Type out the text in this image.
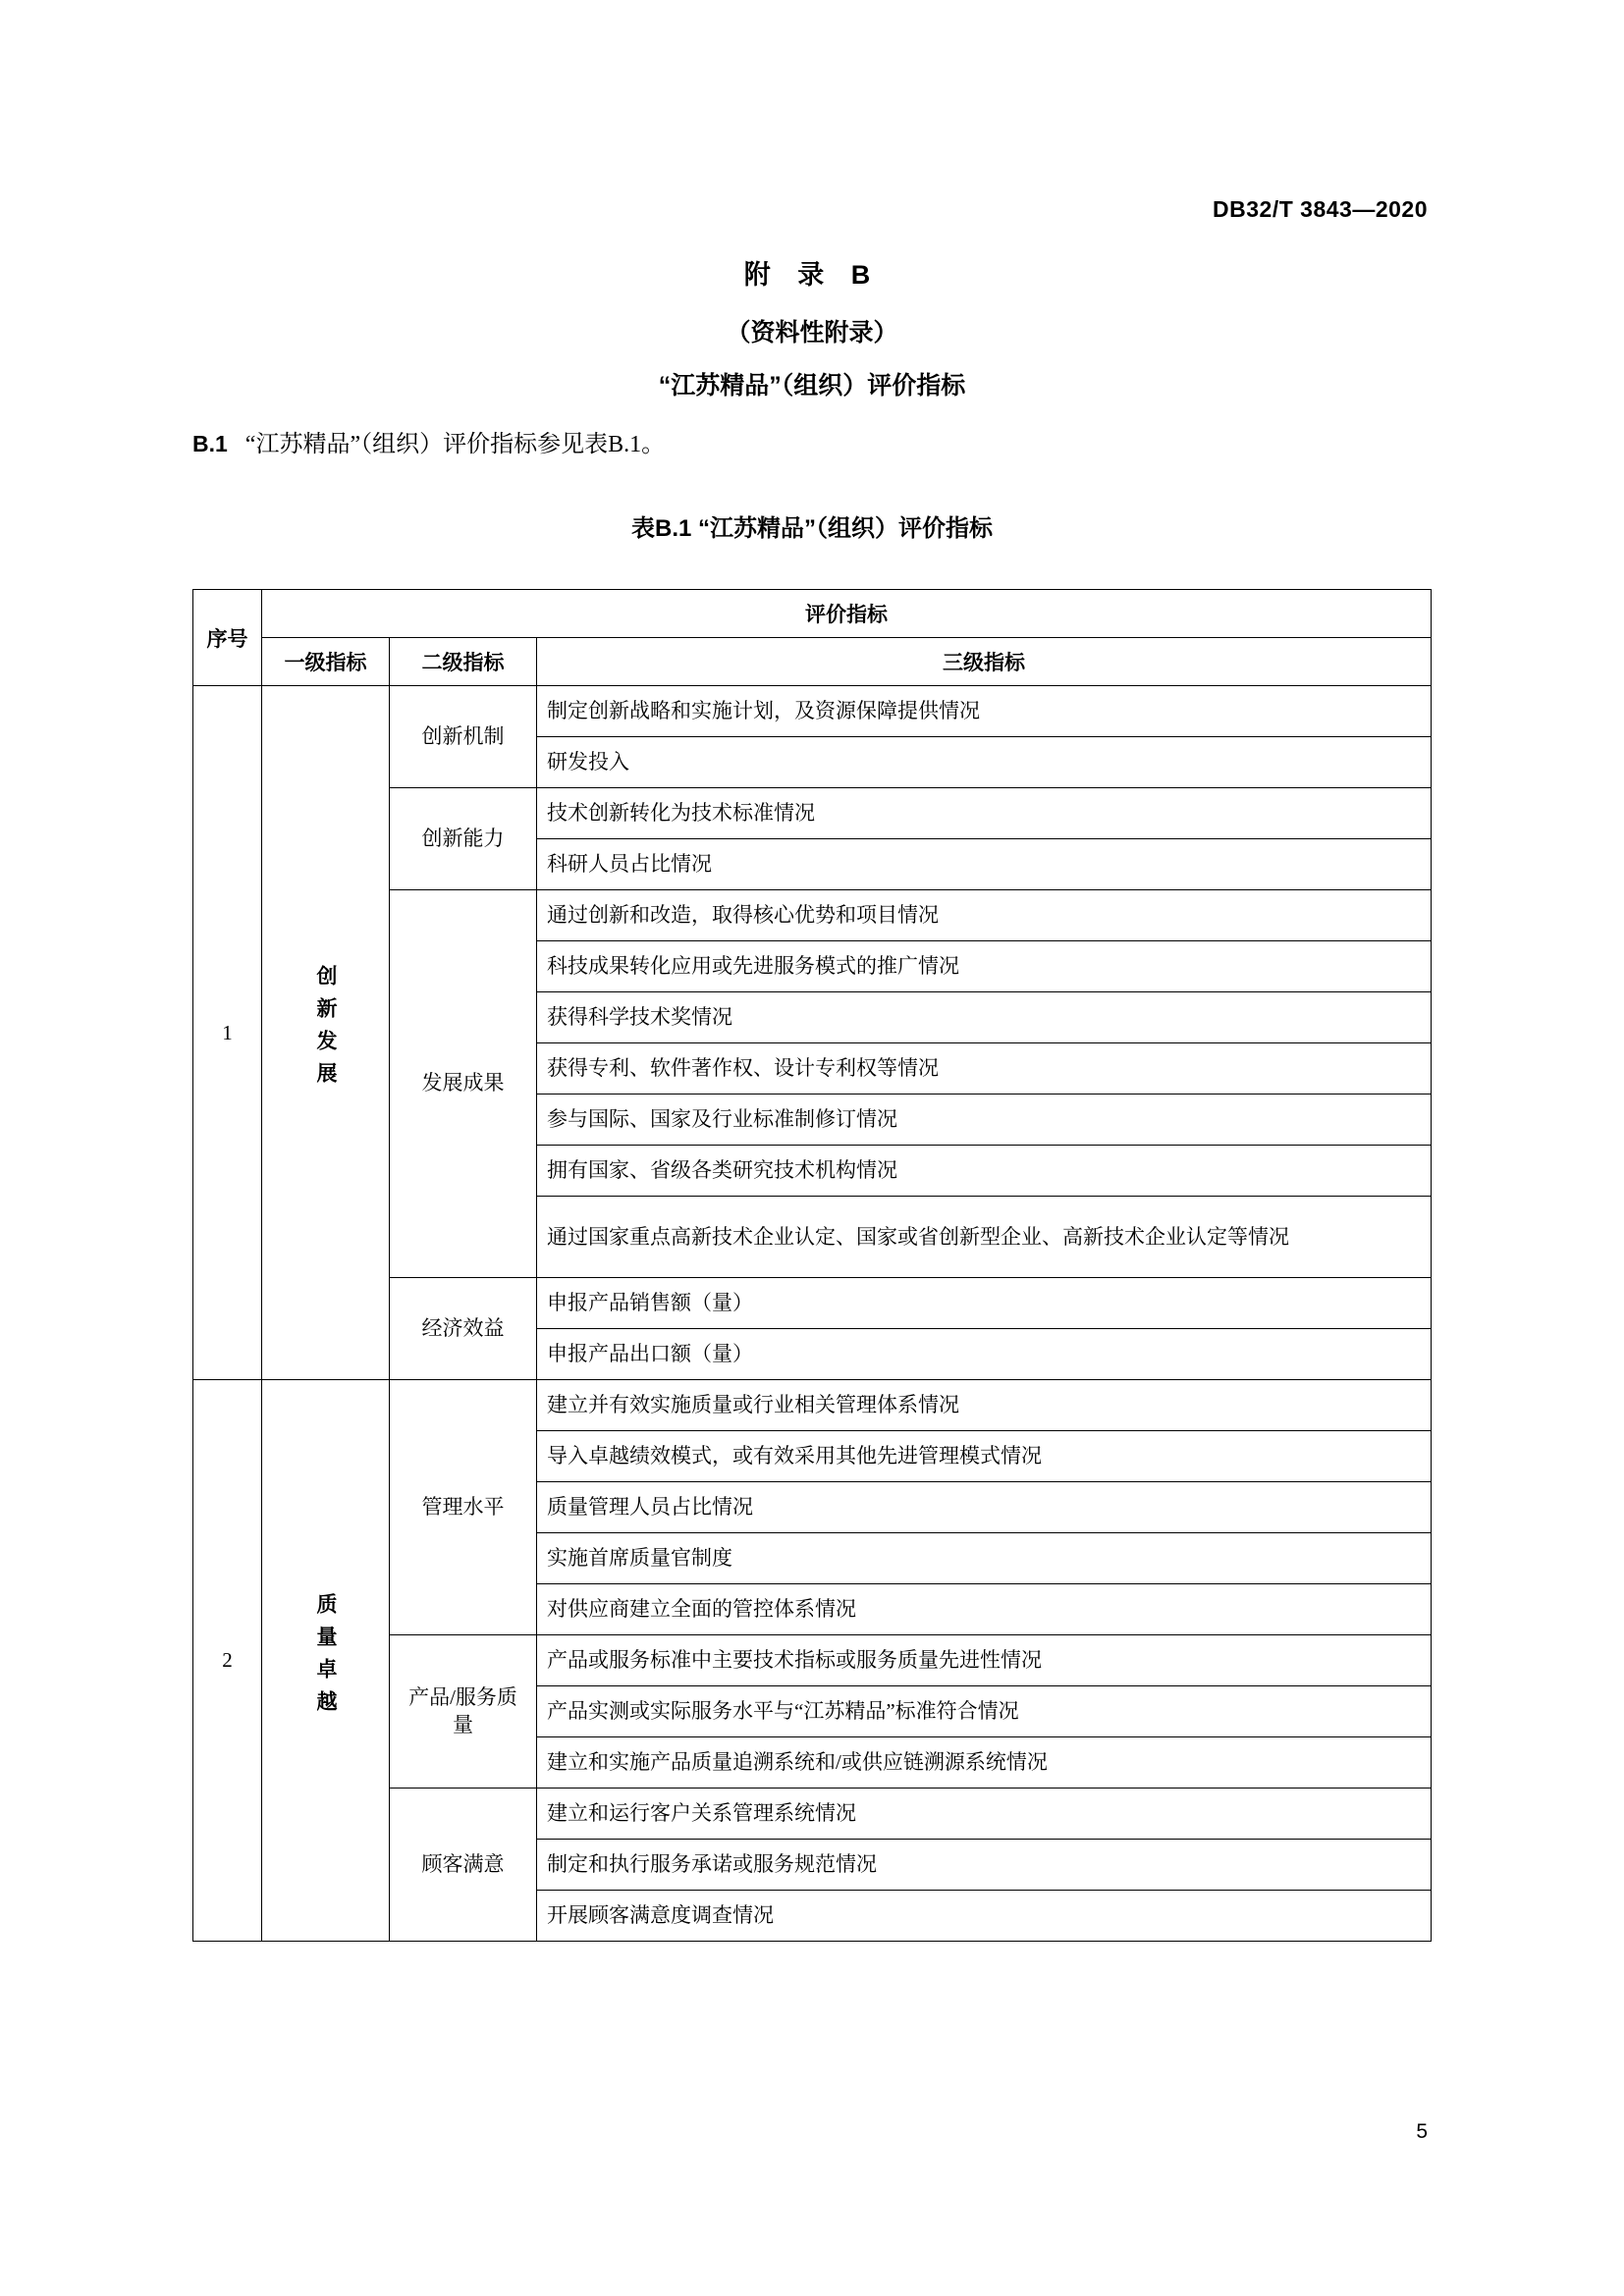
DB32/T 3843—2020
附 录 B
（资料性附录）
“江苏精品”（组织）评价指标
B.1 “江苏精品”（组织）评价指标参见表B.1。
表B.1 “江苏精品”（组织）评价指标
序号	评价指标		
	一级指标	二级指标	三级指标
1	创新发展	创新机制	制定创新战略和实施计划，及资源保障提供情况
			研发投入
		创新能力	技术创新转化为技术标准情况
			科研人员占比情况
		发展成果	通过创新和改造，取得核心优势和项目情况
			科技成果转化应用或先进服务模式的推广情况
			获得科学技术奖情况
			获得专利、软件著作权、设计专利权等情况
			参与国际、国家及行业标准制修订情况
			拥有国家、省级各类研究技术机构情况
			通过国家重点高新技术企业认定、国家或省创新型企业、高新技术企业认定等情况
		经济效益	申报产品销售额（量）
			申报产品出口额（量）
2	质量卓越	管理水平	建立并有效实施质量或行业相关管理体系情况
			导入卓越绩效模式，或有效采用其他先进管理模式情况
			质量管理人员占比情况
			实施首席质量官制度
			对供应商建立全面的管控体系情况
		产品/服务质量	产品或服务标准中主要技术指标或服务质量先进性情况
			产品实测或实际服务水平与“江苏精品”标准符合情况
			建立和实施产品质量追溯系统和/或供应链溯源系统情况
		顾客满意	建立和运行客户关系管理系统情况
			制定和执行服务承诺或服务规范情况
			开展顾客满意度调查情况
5
